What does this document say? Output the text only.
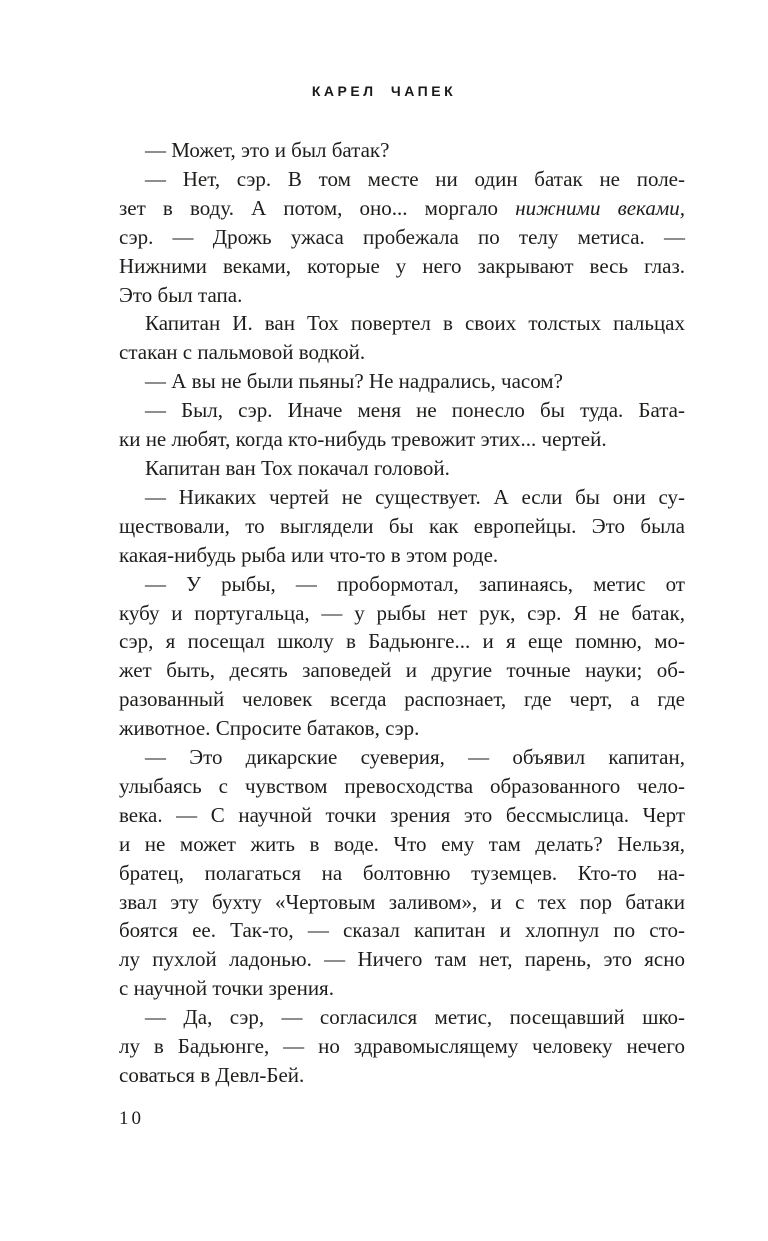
КАРЕЛ ЧАПЕК
— Может, это и был батак?
— Нет, сэр. В том месте ни один батак не поле-
зет в воду. А потом, оно... моргало нижними веками,
сэр. — Дрожь ужаса пробежала по телу метиса. —
Нижними веками, которые у него закрывают весь глаз.
Это был тапа.
Капитан И. ван Тох повертел в своих толстых пальцах
стакан с пальмовой водкой.
— А вы не были пьяны? Не надрались, часом?
— Был, сэр. Иначе меня не понесло бы туда. Бата-
ки не любят, когда кто-нибудь тревожит этих... чертей.
Капитан ван Тох покачал головой.
— Никаких чертей не существует. А если бы они су-
ществовали, то выглядели бы как европейцы. Это была
какая-нибудь рыба или что-то в этом роде.
— У рыбы, — пробормотал, запинаясь, метис от
кубу и португальца, — у рыбы нет рук, сэр. Я не батак,
сэр, я посещал школу в Бадьюнге... и я еще помню, мо-
жет быть, десять заповедей и другие точные науки; об-
разованный человек всегда распознает, где черт, а где
животное. Спросите батаков, сэр.
— Это дикарские суеверия, — объявил капитан,
улыбаясь с чувством превосходства образованного чело-
века. — С научной точки зрения это бессмыслица. Черт
и не может жить в воде. Что ему там делать? Нельзя,
братец, полагаться на болтовню туземцев. Кто-то на-
звал эту бухту «Чертовым заливом», и с тех пор батаки
боятся ее. Так-то, — сказал капитан и хлопнул по сто-
лу пухлой ладонью. — Ничего там нет, парень, это ясно
с научной точки зрения.
— Да, сэр, — согласился метис, посещавший шко-
лу в Бадьюнге, — но здравомыслящему человеку нечего
соваться в Девл-Бей.
10
